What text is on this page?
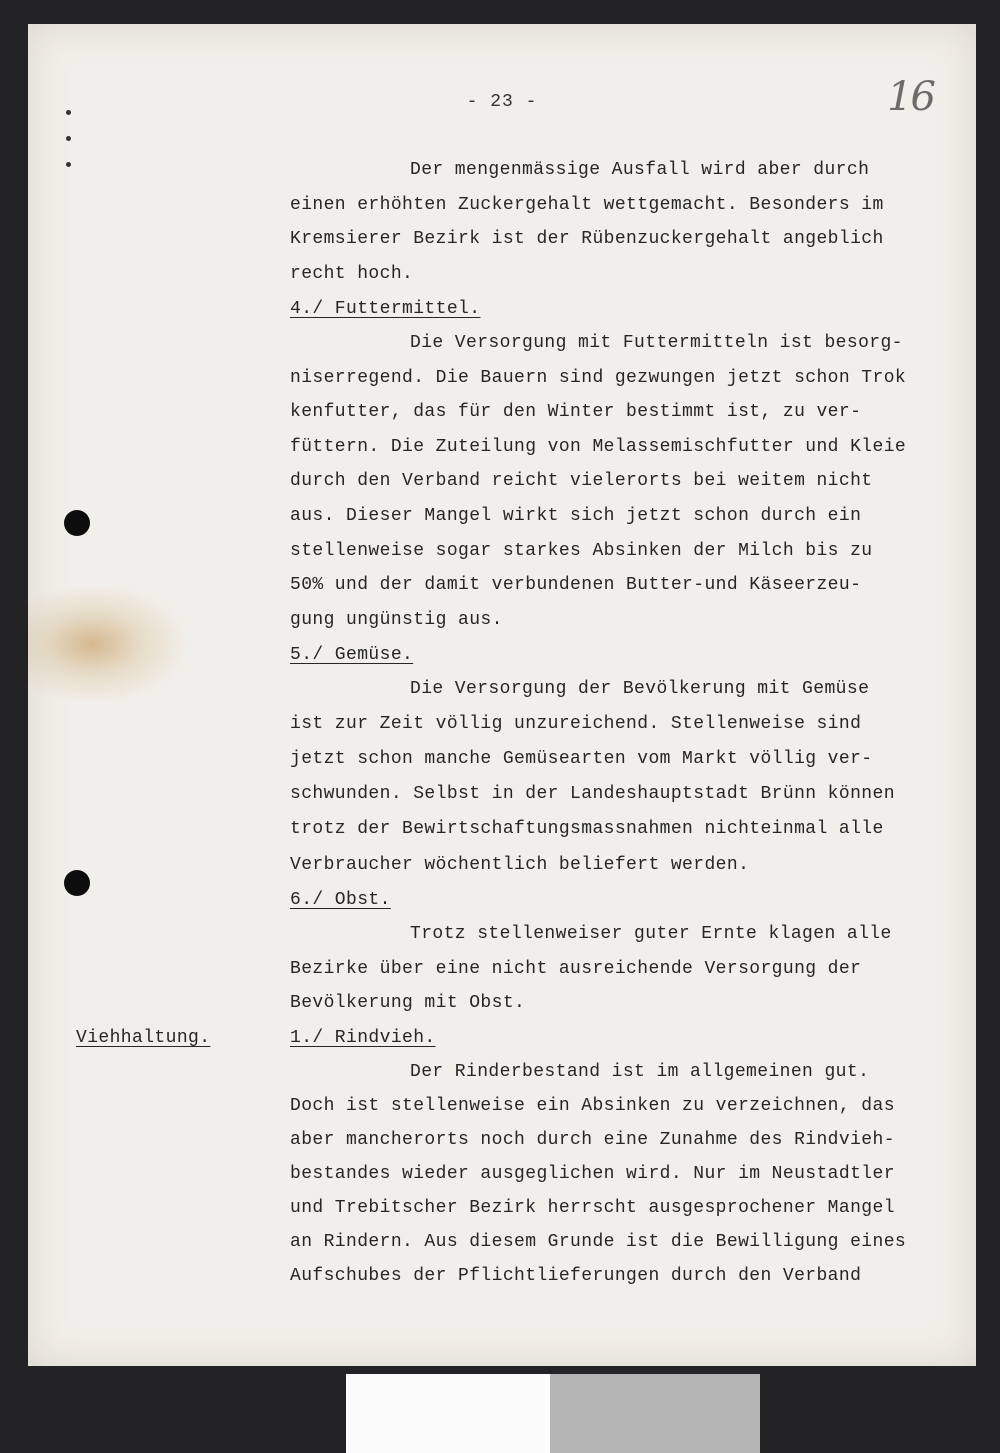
- 23 -	16
Der mengenmässige Ausfall wird aber durch
einen erhöhten Zuckergehalt wettgemacht. Besonders im
Kremsierer Bezirk ist der Rübenzuckergehalt angeblich
recht hoch.
4./ Futtermittel.
Die Versorgung mit Futtermitteln ist besorg-
niserregend. Die Bauern sind gezwungen jetzt schon Trok
kenfutter, das für den Winter bestimmt ist, zu ver-
füttern. Die Zuteilung von Melassemischfutter und Kleie
durch den Verband reicht vielerorts bei weitem nicht
aus. Dieser Mangel wirkt sich jetzt schon durch ein
stellenweise sogar starkes Absinken der Milch bis zu
50% und der damit verbundenen Butter-und Käseerzeu-
gung ungünstig aus.
5./ Gemüse.
Die Versorgung der Bevölkerung mit Gemüse
ist zur Zeit völlig unzureichend. Stellenweise sind
jetzt schon manche Gemüsearten vom Markt völlig ver-
schwunden. Selbst in der Landeshauptstadt Brünn können
trotz der Bewirtschaftungsmassnahmen nichteinmal alle
Verbraucher wöchentlich beliefert werden.
6./ Obst.
Trotz stellenweiser guter Ernte klagen alle
Bezirke über eine nicht ausreichende Versorgung der
Bevölkerung mit Obst.
Viehhaltung.	1./ Rindvieh.
Der Rinderbestand ist im allgemeinen gut.
Doch ist stellenweise ein Absinken zu verzeichnen, das
aber mancherorts noch durch eine Zunahme des Rindvieh-
bestandes wieder ausgeglichen wird. Nur im Neustadtler
und Trebitscher Bezirk herrscht ausgesprochener Mangel
an Rindern. Aus diesem Grunde ist die Bewilligung eines
Aufschubes der Pflichtlieferungen durch den Verband
